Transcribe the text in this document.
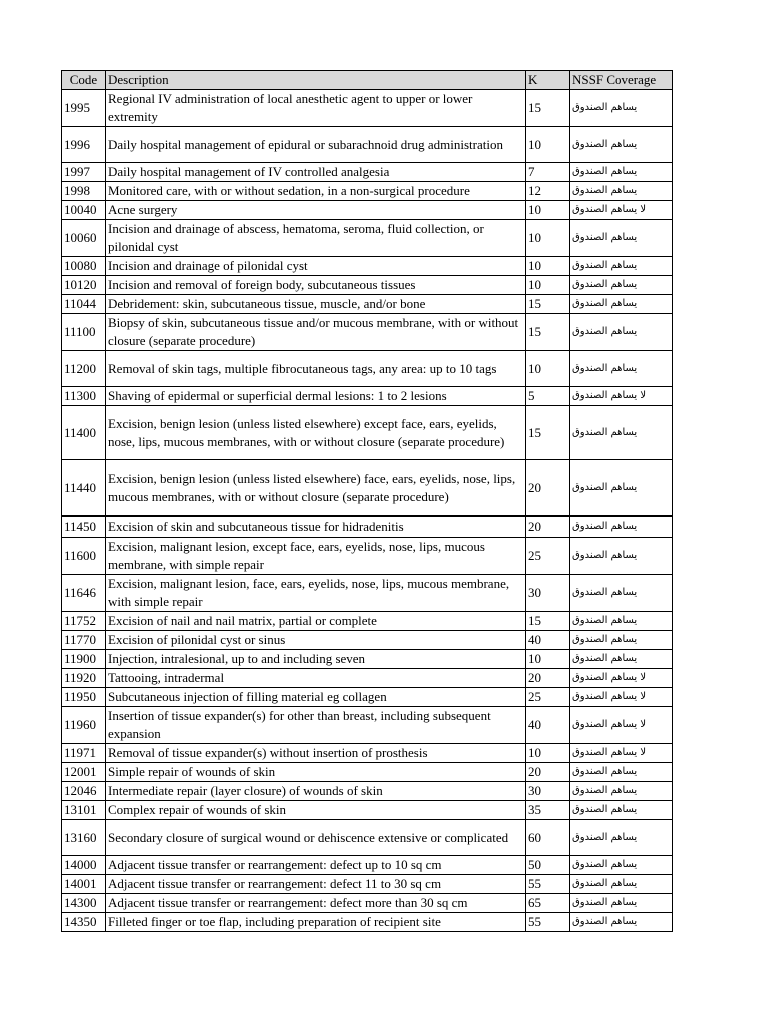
Code	Description	K	NSSF Coverage
1995	Regional IV administration of local anesthetic agent to upper or lower extremity	15	يساهم الصندوق
1996	Daily hospital management of epidural or subarachnoid drug administration	10	يساهم الصندوق
1997	Daily hospital management of IV controlled analgesia	7	يساهم الصندوق
1998	Monitored care, with or without sedation, in a non-surgical procedure	12	يساهم الصندوق
10040	Acne surgery	10	لا يساهم الصندوق
10060	Incision and drainage of abscess, hematoma, seroma, fluid collection, or pilonidal cyst	10	يساهم الصندوق
10080	Incision and drainage of pilonidal cyst	10	يساهم الصندوق
10120	Incision and removal of foreign body, subcutaneous tissues	10	يساهم الصندوق
11044	Debridement: skin, subcutaneous tissue, muscle, and/or bone	15	يساهم الصندوق
11100	Biopsy of skin, subcutaneous tissue and/or mucous membrane, with or without closure (separate procedure)	15	يساهم الصندوق
11200	Removal of skin tags, multiple fibrocutaneous tags, any area: up to 10 tags	10	يساهم الصندوق
11300	Shaving of epidermal or superficial dermal lesions: 1 to 2 lesions	5	لا يساهم الصندوق
11400	Excision, benign lesion (unless listed elsewhere) except face, ears, eyelids, nose, lips, mucous membranes, with or without closure (separate procedure)	15	يساهم الصندوق
11440	Excision, benign lesion (unless listed elsewhere) face, ears, eyelids, nose, lips, mucous membranes, with or without closure (separate procedure)	20	يساهم الصندوق
11450	Excision of skin and subcutaneous tissue for hidradenitis	20	يساهم الصندوق
11600	Excision, malignant lesion, except face, ears, eyelids, nose, lips, mucous membrane, with simple repair	25	يساهم الصندوق
11646	Excision, malignant lesion, face, ears, eyelids, nose, lips, mucous membrane, with simple repair	30	يساهم الصندوق
11752	Excision of nail and nail matrix, partial or complete	15	يساهم الصندوق
11770	Excision of pilonidal cyst or sinus	40	يساهم الصندوق
11900	Injection, intralesional, up to and including seven	10	يساهم الصندوق
11920	Tattooing, intradermal	20	لا يساهم الصندوق
11950	Subcutaneous injection of filling material eg collagen	25	لا يساهم الصندوق
11960	Insertion of tissue expander(s) for other than breast, including subsequent expansion	40	لا يساهم الصندوق
11971	Removal of tissue expander(s) without insertion of prosthesis	10	لا يساهم الصندوق
12001	Simple repair of wounds of skin	20	يساهم الصندوق
12046	Intermediate repair (layer closure) of wounds of skin	30	يساهم الصندوق
13101	Complex repair of wounds of skin	35	يساهم الصندوق
13160	Secondary closure of surgical wound or dehiscence extensive or complicated	60	يساهم الصندوق
14000	Adjacent tissue transfer or rearrangement: defect up to 10 sq cm	50	يساهم الصندوق
14001	Adjacent tissue transfer or rearrangement: defect 11 to 30 sq cm	55	يساهم الصندوق
14300	Adjacent tissue transfer or rearrangement: defect more than 30 sq cm	65	يساهم الصندوق
14350	Filleted finger or toe flap, including preparation of recipient site	55	يساهم الصندوق
